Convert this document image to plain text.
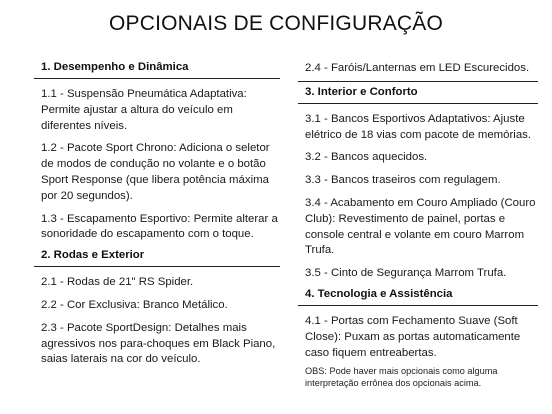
OPCIONAIS DE CONFIGURAÇÃO
1. Desempenho e Dinâmica
1.1 - Suspensão Pneumática Adaptativa: Permite ajustar a altura do veículo em diferentes níveis.
1.2 - Pacote Sport Chrono: Adiciona o seletor de modos de condução no volante e o botão Sport Response (que libera potência máxima por 20 segundos).
1.3 - Escapamento Esportivo: Permite alterar a sonoridade do escapamento com o toque.
2. Rodas e Exterior
2.1 - Rodas de 21" RS Spider.
2.2 - Cor Exclusiva: Branco Metálico.
2.3 - Pacote SportDesign: Detalhes mais agressivos nos para-choques em Black Piano, saias laterais na cor do veículo.
2.4 - Faróis/Lanternas em LED Escurecidos.
3. Interior e Conforto
3.1 - Bancos Esportivos Adaptativos: Ajuste elétrico de 18 vias com pacote de memórias.
3.2 - Bancos aquecidos.
3.3 - Bancos traseiros com regulagem.
3.4 - Acabamento em Couro Ampliado (Couro Club): Revestimento de painel, portas e console central e volante em couro Marrom Trufa.
3.5 - Cinto de Segurança Marrom Trufa.
4. Tecnologia e Assistência
4.1 - Portas com Fechamento Suave (Soft Close): Puxam as portas automaticamente caso fiquem entreabertas.
OBS: Pode haver mais opcionais como alguma interpretação errônea dos opcionais acima.
